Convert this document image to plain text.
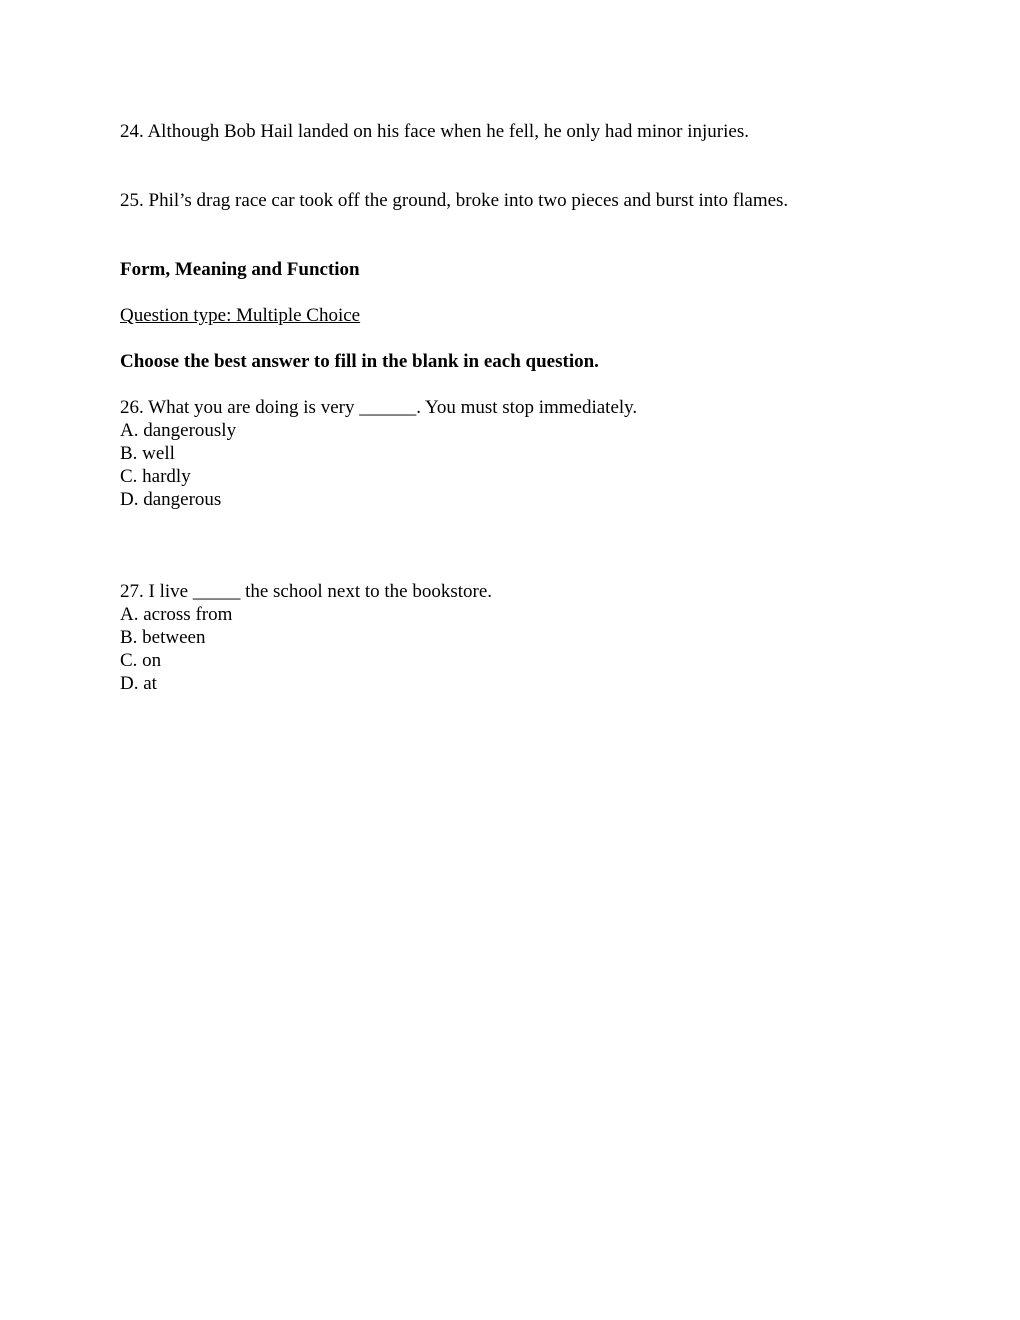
24. Although Bob Hail landed on his face when he fell, he only had minor injuries.
25. Phil’s drag race car took off the ground, broke into two pieces and burst into flames.
Form, Meaning and Function
Question type: Multiple Choice
Choose the best answer to fill in the blank in each question.
26. What you are doing is very ______. You must stop immediately.
A. dangerously
B. well
C. hardly
D. dangerous
27. I live _____ the school next to the bookstore.
A. across from
B. between
C. on
D. at
